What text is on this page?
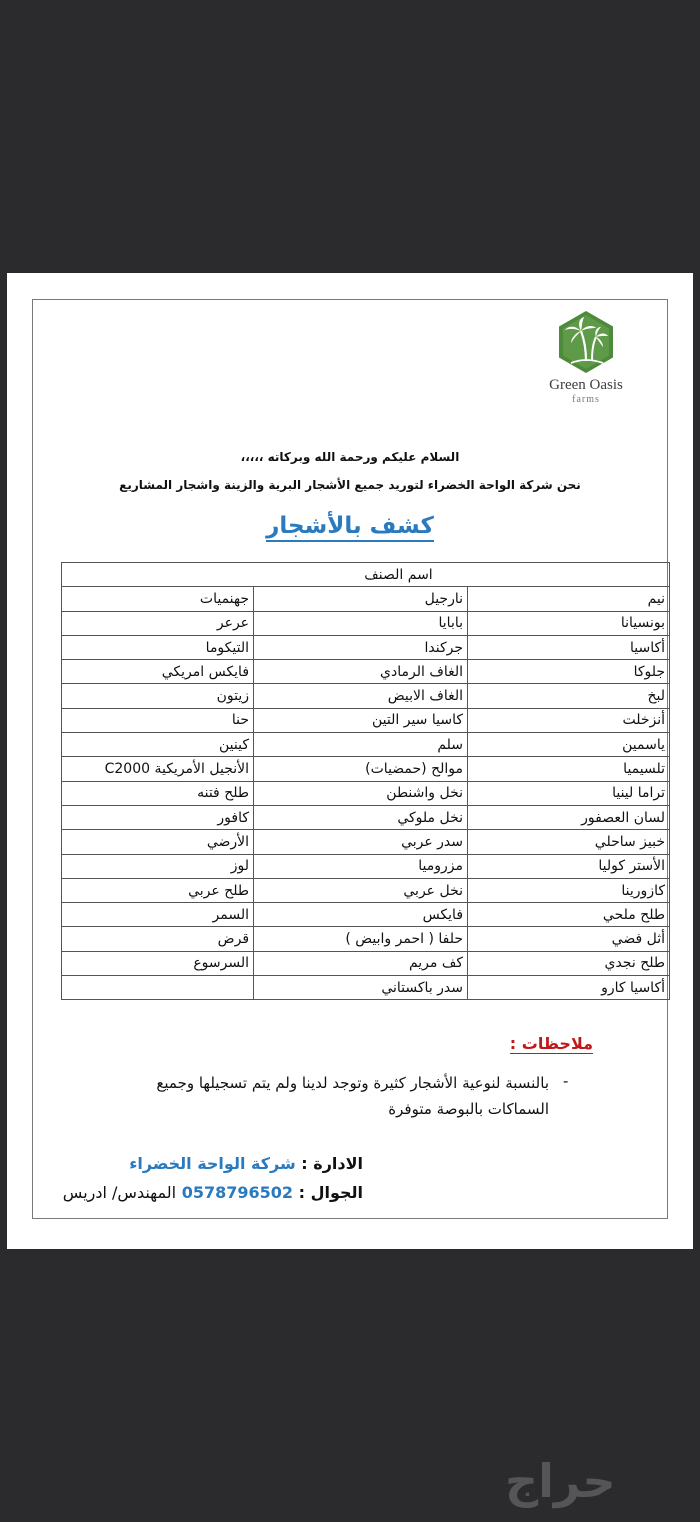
Green Oasis
farms
السلام عليكم ورحمة الله وبركاته ،،،،،
نحن شركة الواحة الخضراء لتوريد جميع الأشجار البرية والزينة واشجار المشاريع
كشف بالأشجار
اسم الصنف		
نيم	نارجيل	جهنميات
بونسيانا	بابايا	عرعر
أكاسيا	جركندا	التيكوما
جلوكا	الغاف الرمادي	فايكس امريكي
لبخ	الغاف الابيض	زيتون
أنزخلت	كاسيا سير التين	حنا
ياسمين	سلم	كينين
تلسيميا	موالح (حمضيات)	الأنجيل الأمريكية C2000
تراما لينيا	نخل واشنطن	طلح فتنه
لسان العصفور	نخل ملوكي	كافور
خبيز ساحلي	سدر عربي	الأرضي
الأستر كوليا	مزروميا	لوز
كازورينا	نخل عربي	طلح عربي
طلح ملحي	فايكس	السمر
أثل فضي	حلفا ( احمر وابيض )	قرض
طلح نجدي	كف مريم	السرسوع
أكاسيا كارو	سدر باكستاني	
ملاحظات :
-
بالنسبة لنوعية الأشجار كثيرة وتوجد لدينا ولم يتم تسجيلها وجميع السماكات بالبوصة متوفرة
الادارة : شركة الواحة الخضراء
الجوال : 0578796502 المهندس/ ادريس
حراج
